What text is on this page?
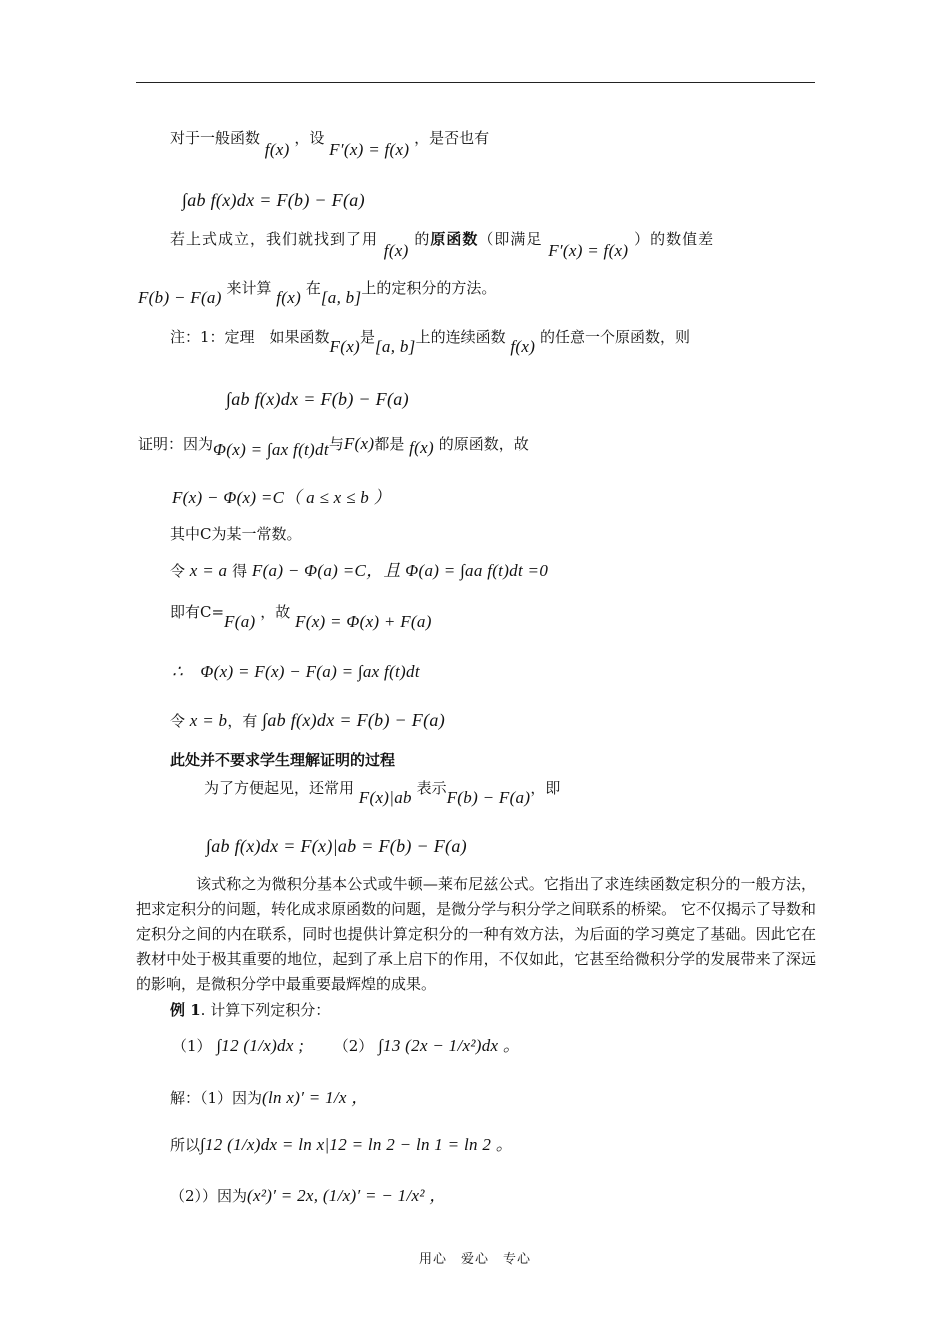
对于一般函数 f(x) ，设 F′(x) = f(x) ，是否也有
∫ab f(x)dx = F(b) − F(a)
若上式成立，我们就找到了用 f(x) 的原函数（即满足 F′(x) = f(x) ）的数值差
F(b) − F(a) 来计算 f(x) 在[a, b]上的定积分的方法。
注：1：定理　如果函数F(x)是[a, b]上的连续函数 f(x) 的任意一个原函数，则
∫ab f(x)dx = F(b) − F(a)
证明：因为Φ(x) = ∫ax f(t)dt与F(x)都是 f(x) 的原函数，故
F(x) − Φ(x) =C（ a ≤ x ≤ b ）
其中C为某一常数。
令 x = a 得 F(a) − Φ(a) =C，且 Φ(a) = ∫aa f(t)dt =0
即有C=F(a) ，故 F(x) = Φ(x) + F(a)
∴　Φ(x) = F(x) − F(a) = ∫ax f(t)dt
令 x = b，有 ∫ab f(x)dx = F(b) − F(a)
此处并不要求学生理解证明的过程
为了方便起见，还常用 F(x)|ab 表示F(b) − F(a)，即
∫ab f(x)dx = F(x)|ab = F(b) − F(a)
该式称之为微积分基本公式或牛顿—莱布尼兹公式。它指出了求连续函数定积分的一般方法，把求定积分的问题，转化成求原函数的问题，是微分学与积分学之间联系的桥梁。 它不仅揭示了导数和定积分之间的内在联系，同时也提供计算定积分的一种有效方法，为后面的学习奠定了基础。因此它在教材中处于极其重要的地位，起到了承上启下的作用，不仅如此，它甚至给微积分学的发展带来了深远的影响，是微积分学中最重要最辉煌的成果。
例 1. 计算下列定积分：
（1） ∫12 (1/x)dx ; （2） ∫13 (2x − 1/x²)dx 。
解：（1）因为(ln x)′ = 1/x ，
所以∫12 (1/x)dx = ln x|12 = ln 2 − ln 1 = ln 2 。
（2））因为(x²)′ = 2x, (1/x)′ = − 1/x² ，
用心　爱心　专心
